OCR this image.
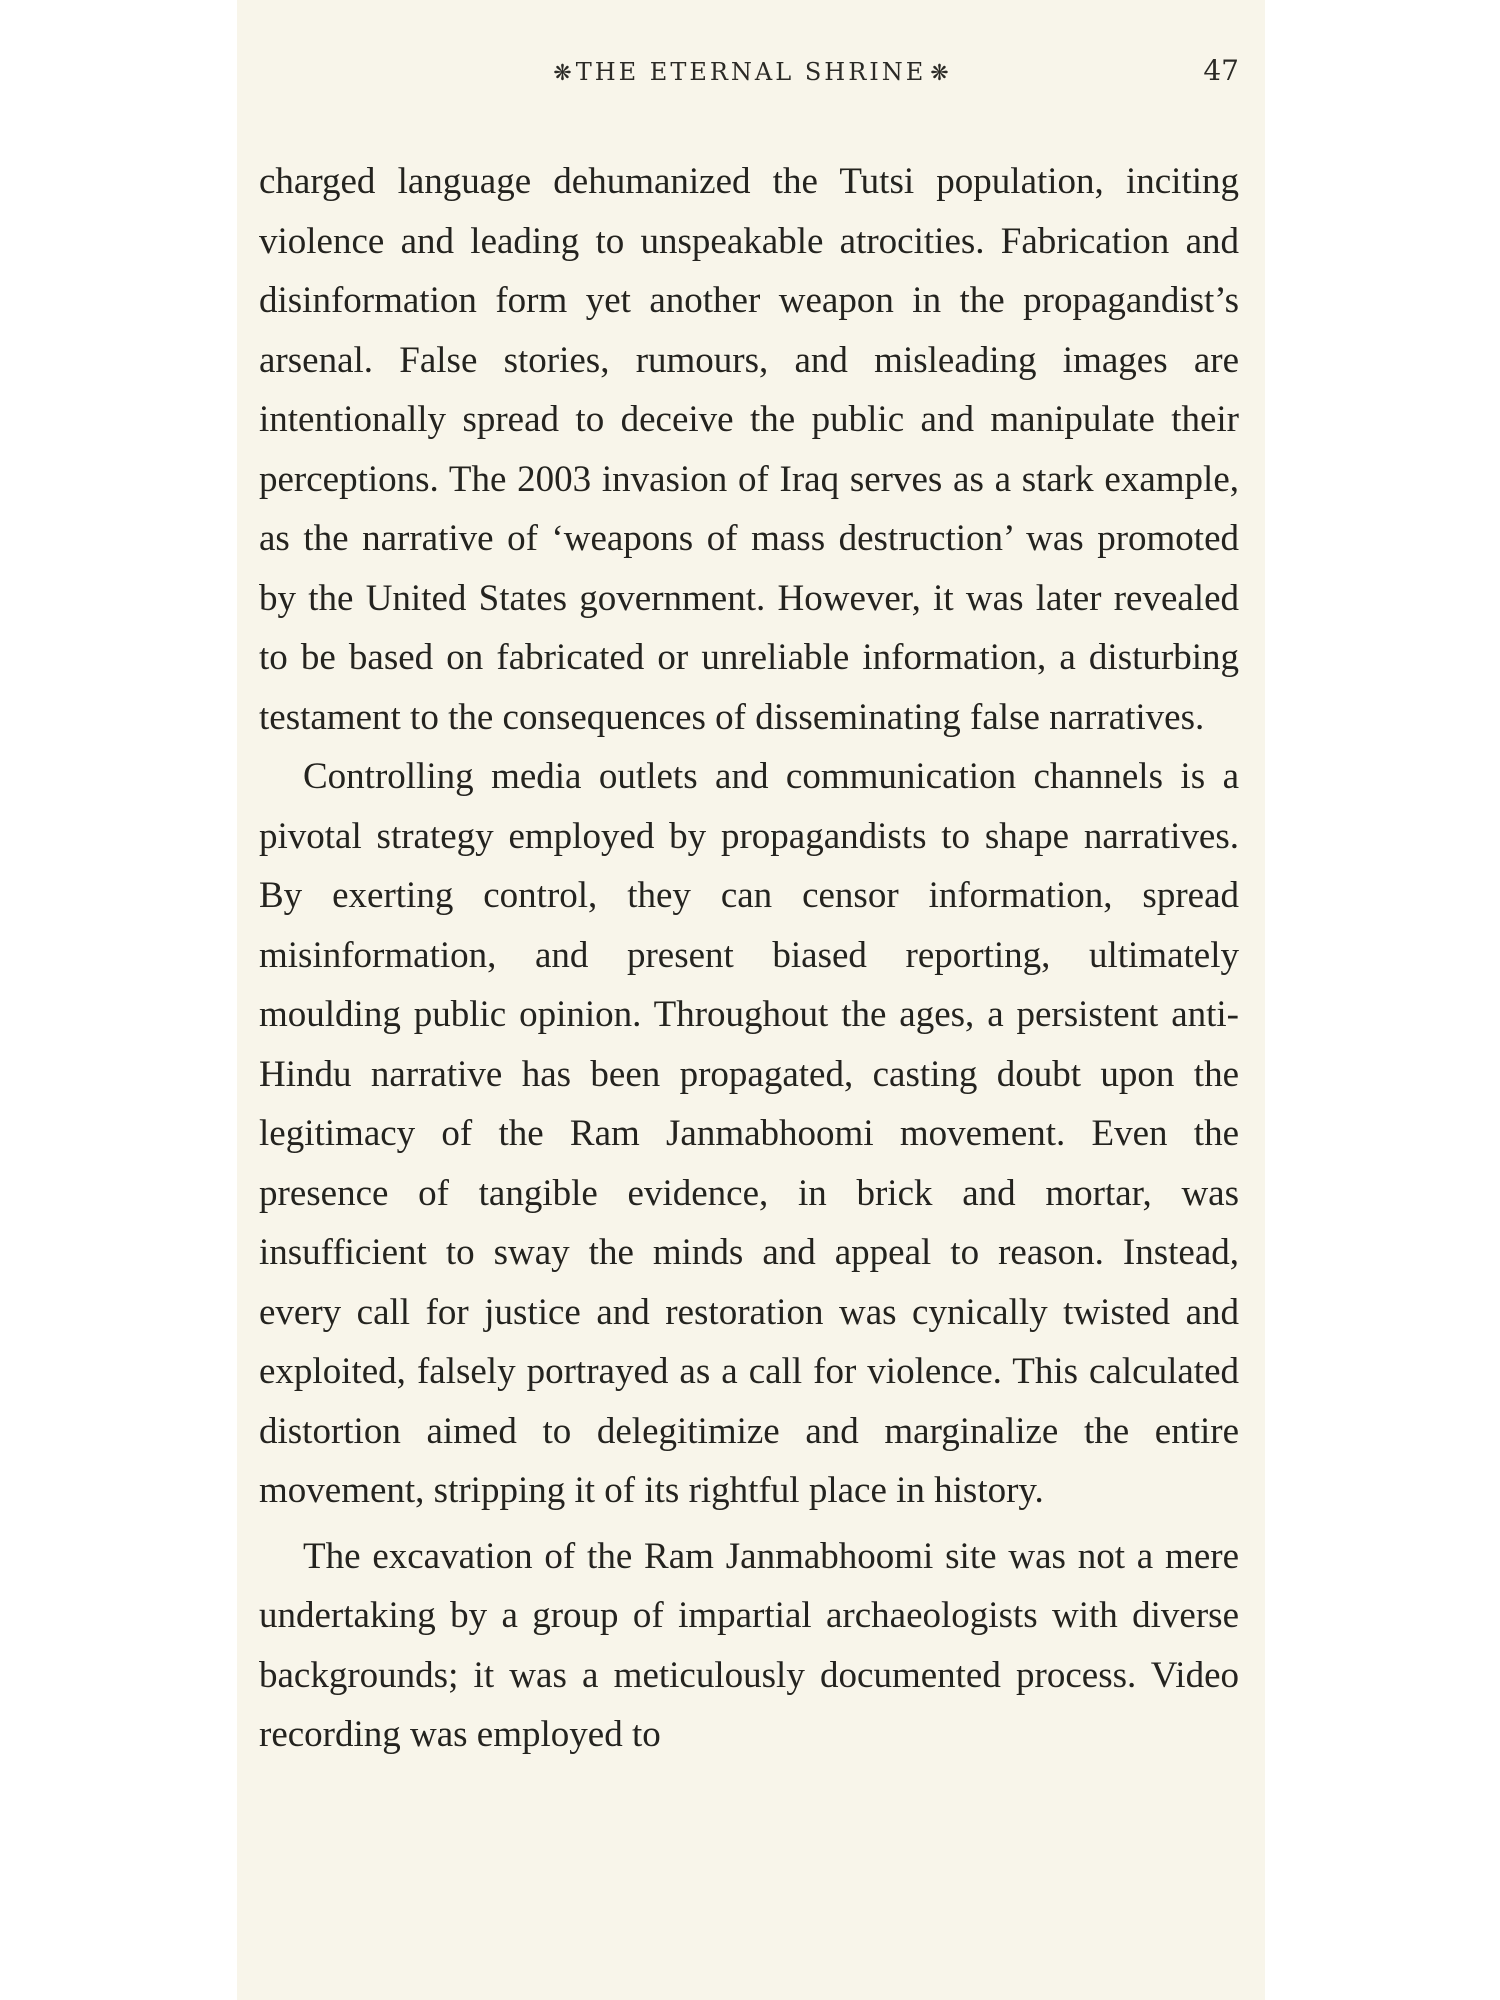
❋ THE ETERNAL SHRINE ❋	47

charged language dehumanized the Tutsi population, inciting violence and leading to unspeakable atrocities. Fabrication and disinformation form yet another weapon in the propagandist’s arsenal. False stories, rumours, and misleading images are intentionally spread to deceive the public and manipulate their perceptions. The 2003 invasion of Iraq serves as a stark example, as the narrative of ‘weapons of mass destruction’ was promoted by the United States government. However, it was later revealed to be based on fabricated or unreliable information, a disturbing testament to the consequences of disseminating false narratives.

Controlling media outlets and communication channels is a pivotal strategy employed by propagandists to shape narratives. By exerting control, they can censor information, spread misinformation, and present biased reporting, ultimately moulding public opinion. Throughout the ages, a persistent anti-Hindu narrative has been propagated, casting doubt upon the legitimacy of the Ram Janmabhoomi movement. Even the presence of tangible evidence, in brick and mortar, was insufficient to sway the minds and appeal to reason. Instead, every call for justice and restoration was cynically twisted and exploited, falsely portrayed as a call for violence. This calculated distortion aimed to delegitimize and marginalize the entire movement, stripping it of its rightful place in history.

The excavation of the Ram Janmabhoomi site was not a mere undertaking by a group of impartial archaeologists with diverse backgrounds; it was a meticulously documented process. Video recording was employed to
